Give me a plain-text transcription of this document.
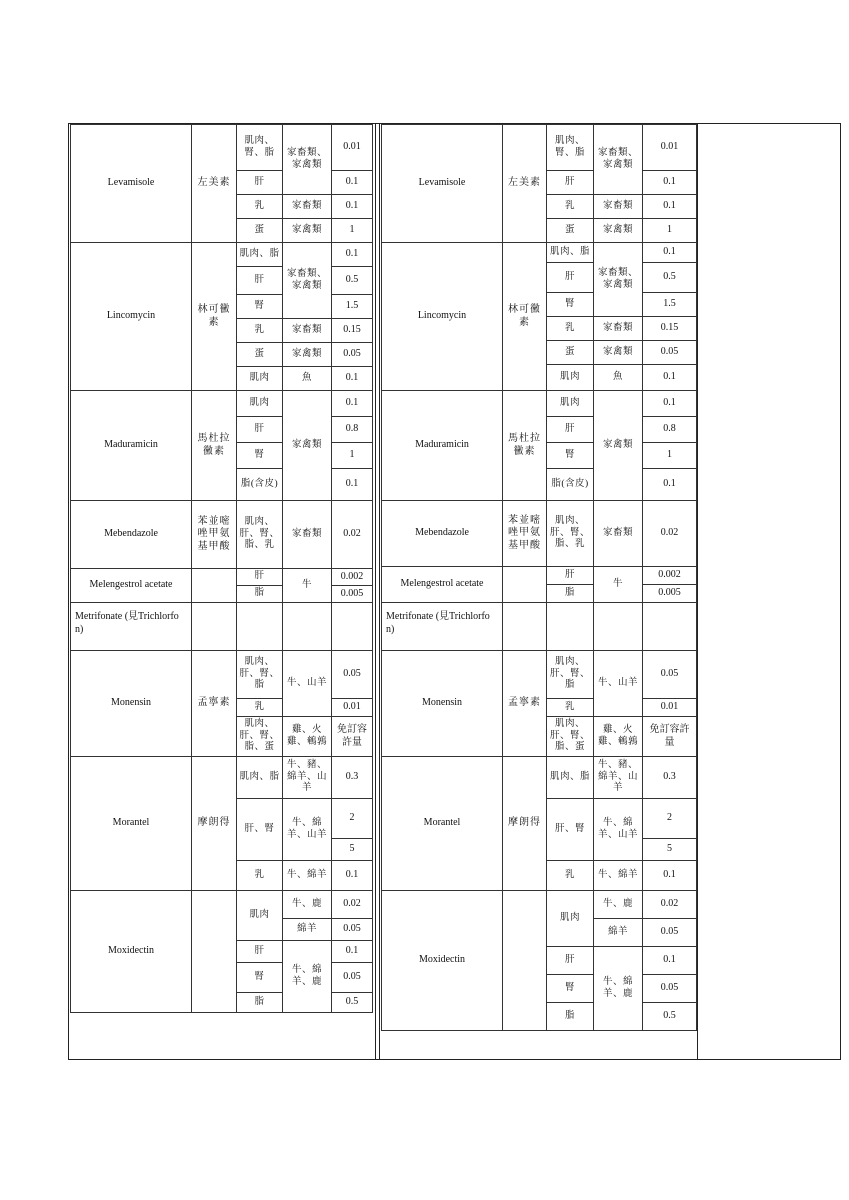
Levamisole	左美素	肌肉、腎、脂	家畜類、家禽類	0.01
		肝		0.1
		乳	家畜類	0.1
		蛋	家禽類	1
Lincomycin	林可黴素	肌肉、脂	家畜類、家禽類	0.1
		肝		0.5
		腎		1.5
		乳	家畜類	0.15
		蛋	家禽類	0.05
		肌肉	魚	0.1
Maduramicin	馬杜拉黴素	肌肉	家禽類	0.1
		肝		0.8
		腎		1
		脂(含皮)		0.1
Mebendazole	苯並嘧唑甲氨基甲酸	肌肉、肝、腎、脂、乳	家畜類	0.02
Melengestrol acetate		肝	牛	0.002
		脂		0.005
Metrifonate (見Trichlorfon)				
Monensin	孟寧素	肌肉、肝、腎、脂	牛、山羊	0.05
		乳		0.01
		肌肉、肝、腎、脂、蛋	雞、火雞、鵪鶉	免訂容許量
Morantel	摩朗得	肌肉、脂	牛、豬、綿羊、山羊	0.3
		肝、腎	牛、綿羊、山羊	2
				5
		乳	牛、綿羊	0.1
Moxidectin		肌肉	牛、鹿	0.02
			綿羊	0.05
		肝	牛、綿羊、鹿	0.1
		腎		0.05
		脂		0.5
Levamisole	左美素	肌肉、腎、脂	家畜類、家禽類	0.01
		肝		0.1
		乳	家畜類	0.1
		蛋	家禽類	1
Lincomycin	林可黴素	肌肉、脂	家畜類、家禽類	0.1
		肝		0.5
		腎		1.5
		乳	家畜類	0.15
		蛋	家禽類	0.05
		肌肉	魚	0.1
Maduramicin	馬杜拉黴素	肌肉	家禽類	0.1
		肝		0.8
		腎		1
		脂(含皮)		0.1
Mebendazole	苯並嘧唑甲氨基甲酸	肌肉、肝、腎、脂、乳	家畜類	0.02
Melengestrol acetate		肝	牛	0.002
		脂		0.005
Metrifonate (見Trichlorfon)				
Monensin	孟寧素	肌肉、肝、腎、脂	牛、山羊	0.05
		乳		0.01
		肌肉、肝、腎、脂、蛋	雞、火雞、鵪鶉	免訂容許量
Morantel	摩朗得	肌肉、脂	牛、豬、綿羊、山羊	0.3
		肝、腎	牛、綿羊、山羊	2
				5
		乳	牛、綿羊	0.1
Moxidectin		肌肉	牛、鹿	0.02
			綿羊	0.05
		肝	牛、綿羊、鹿	0.1
		腎		0.05
		脂		0.5
